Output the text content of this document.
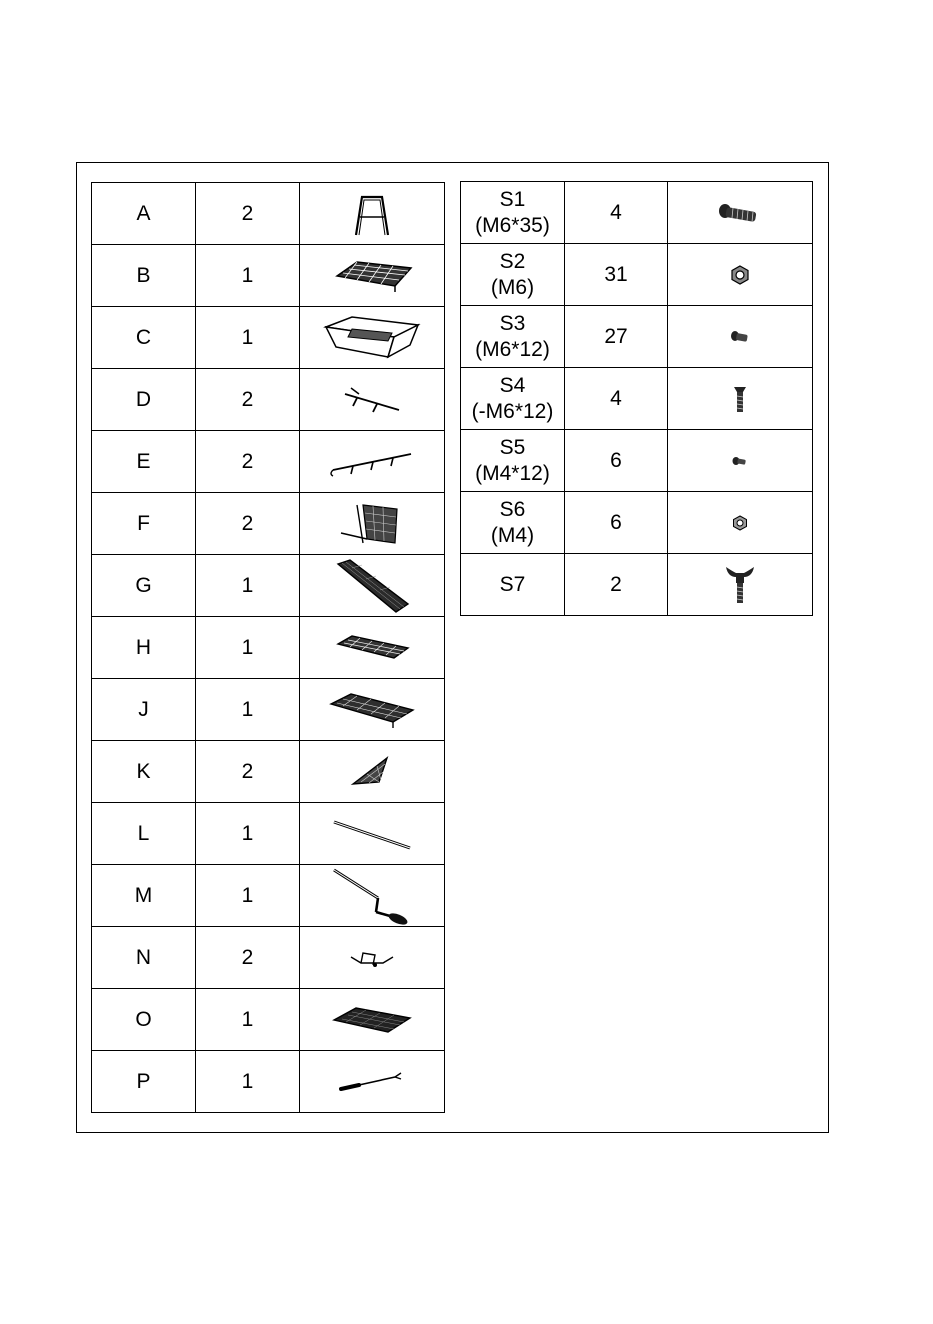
A	2	

B	1	

C	1	

D	2	

E	2	

F	2	

G	1	

H	1	

J	1	

K	2	

L	1	

M	1	

N	2	

O	1	

P	1	
S1
(M6*35)	4	

S2
(M6)	31	

S3
(M6*12)	27	

S4
(-M6*12)	4	

S5
(M4*12)	6	

S6
(M4)	6	

S7	2	
